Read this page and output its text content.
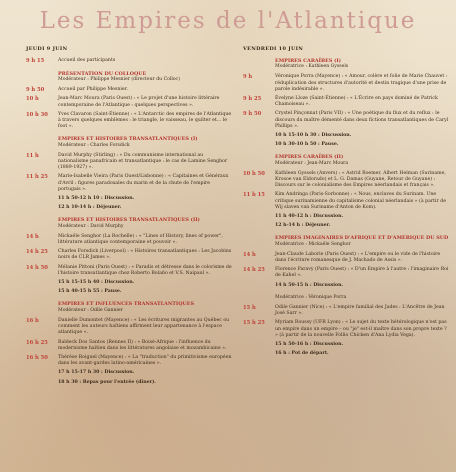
Les Empires de l'Atlantique
JEUDI 9 JUIN
9 h 15	Accueil des participants
PRÉSENTATION DU COLLOQUE
Modérateur : Philippe Mesnier (directeur du Colloc)
9 h 50	Accueil par Philippe Mesnier.
10 h	Jean-Marc Moura (Paris Ouest) : « Le projet d'une histoire littéraire contemporaine de l'Atlantique : quelques perspectives ».
10 h 30	Yves Clavaron (Saint-Étienne) : « L'Antarctic des empires de l'Atlantique à travers quelques emblèmes : le triangle, le vaisseau, le quilter et... le foot ».
EMPIRES ET HISTOIRES TRANSATLANTIQUES (I)
Modérateur : Charles Forsdick
11 h	David Murphy (Stirling) : « Du communisme international au nationalisme panafricain et transatlantique : le cas de Lamine Senghor (1889-1927) ».
11 h 25	Marie-Isabelle Vieira (Paris Ouest/Lisbonne) : « Capitaines et Généraux d'Avril : figures paradoxales du marin et de la chute de l'empire portugais ».
11 h 50-12 h 10 : Discussion.
12 h 10-14 h : Déjeuner.
EMPIRES ET HISTOIRES TRANSATLANTIQUES (II)
Modérateur : David Murphy
14 h	Mickaële Senghor (La Rochelle) : « "Lines of History, lines of power", littérature atlantique contemporaine et pouvoir ».
14 h 25	Charles Forsdick (Liverpool) : « Histoires transatlantiques : Les Jacobins noirs de CLR James ».
14 h 50	Mélanie Pittoni (Paris Ouest) : « Paradis et détresse dans le colorisme de l'histoire transatlantique chez Roberto Bolaño et V.S. Naipaul ».
15 h 15-15 h 40 : Discussion.
15 h 40-15 h 55 : Pause.
EMPIRES ET INFLUENCES TRANSATLANTIQUES
Modérateur : Odile Gannier
16 h	Danielle Dumontet (Mayence) : « Les écritures migrantes au Québec ou comment les auteurs haïtiens affirment leur appartenance à l'espace atlantique ».
16 h 25	Baldeck Dos Santos (Rennes II) : « Boisé-Afrique : l'influence du modernisme haïtien dans les littératures angolaise et mozambicaine ».
16 h 50	Thérèse Roiguel (Mayence) : « La "traduction" du primitivisme européen dans les avant-gardes latino-américaines ».
17 h 15-17 h 30 : Discussion.
18 h 30 : Repas pour l'entrée (dîner).
VENDREDI 10 JUIN
EMPIRES CARAÏBES (I)
Modératrice : Kathleen Gyssels
9 h	Véronique Porra (Mayence) : « Amour, colère et folie de Marie Chauvet : réduplication des structures d'autorité et destin tragique d'une prise de parole indésirable ».
9 h 25	Évelyne Lloze (Saint-Étienne) : « L'Écrire en pays dominé de Patrick Chamoiseau ».
9 h 50	Crystel Pinçonnat (Paris VII) : « Une poétique du flux et du reflux : le discours du maître démenté dans deux fictions transatlantiques de Caryl Phillips ».
10 h 15-10 h 30 : Discussion.
10 h 30-10 h 50 : Pause.
EMPIRES CARAÏBES (II)
Modérateur : Jean-Marc Moura
10 h 50	Kathleen Gyssels (Anvers) : « Astrid Roemer, Albert Helman (Suriname, Krosoe van Eldorado) et L. G. Damas (Guyane, Retour de Guyane) : Discours sur le colonialisme des Empires néerlandais et français ».
11 h 15	Kim Andringa (Paris-Sorbonne) : « Nous, enclaves du Surinam. Une critique surinamienne du capitalisme colonial néerlandais » (à partir de Wij slaven van Suriname d'Anton de Kom).
11 h 40-12 h : Discussion.
12 h-14 h : Déjeuner.
EMPIRES IMAGINAIRES D'AFRIQUE ET D'AMÉRIQUE DU SUD
Modératrice : Mickaële Senghor
14 h	Jean-Claude Laborie (Paris Ouest) : « L'empire ou le vide de l'histoire dans l'écriture romanesque de J. Machado de Assis ».
14 h 25	Florence Paravy (Paris Ouest) : « D'un Empire à l'autre : l'imaginaire Roi de Kahel ».
14 h 50-15 h : Discussion.
Modératrice : Véronique Porra
15 h	Odile Gannier (Nice) : « L'empire familial des Jades : L'Ancêtre de Jean José Sarr ».
15 h 25	Myriam Roussy (UFR Lyon) : « Le sujet du texte hétérologique n'est pas un empire dans un empire – ou "je" est-il maître dans son propre texte ? » (à partir de la nouvelle Follio Chicken d'Ana Lydia Vega).
15 h 50-16 h : Discussion.
16 h : Pot de départ.
